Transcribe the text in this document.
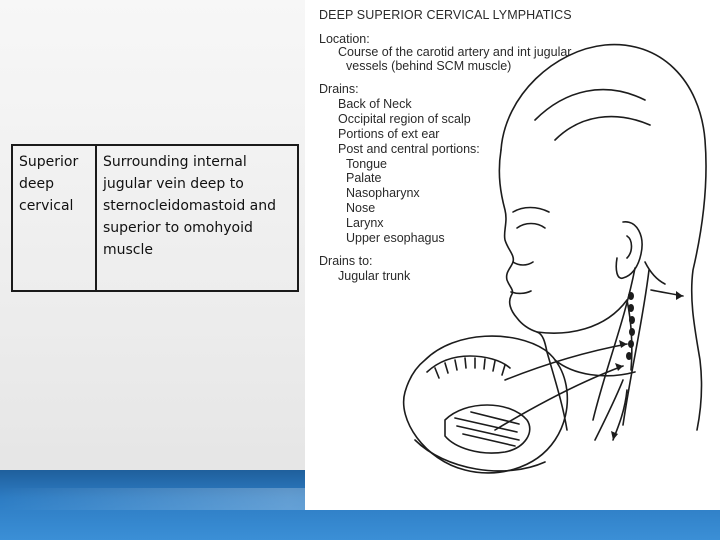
Superior deep cervical
Surrounding internal jugular vein deep to sternocleidomastoid and superior to omohyoid muscle
DEEP SUPERIOR CERVICAL LYMPHATICS
Location:
Course of the carotid artery and int jugular
vessels (behind SCM muscle)
Drains:
Back of Neck
Occipital region of scalp
Portions of ext ear
Post and central portions:
Tongue
Palate
Nasopharynx
Nose
Larynx
Upper esophagus
Drains to:
Jugular trunk
